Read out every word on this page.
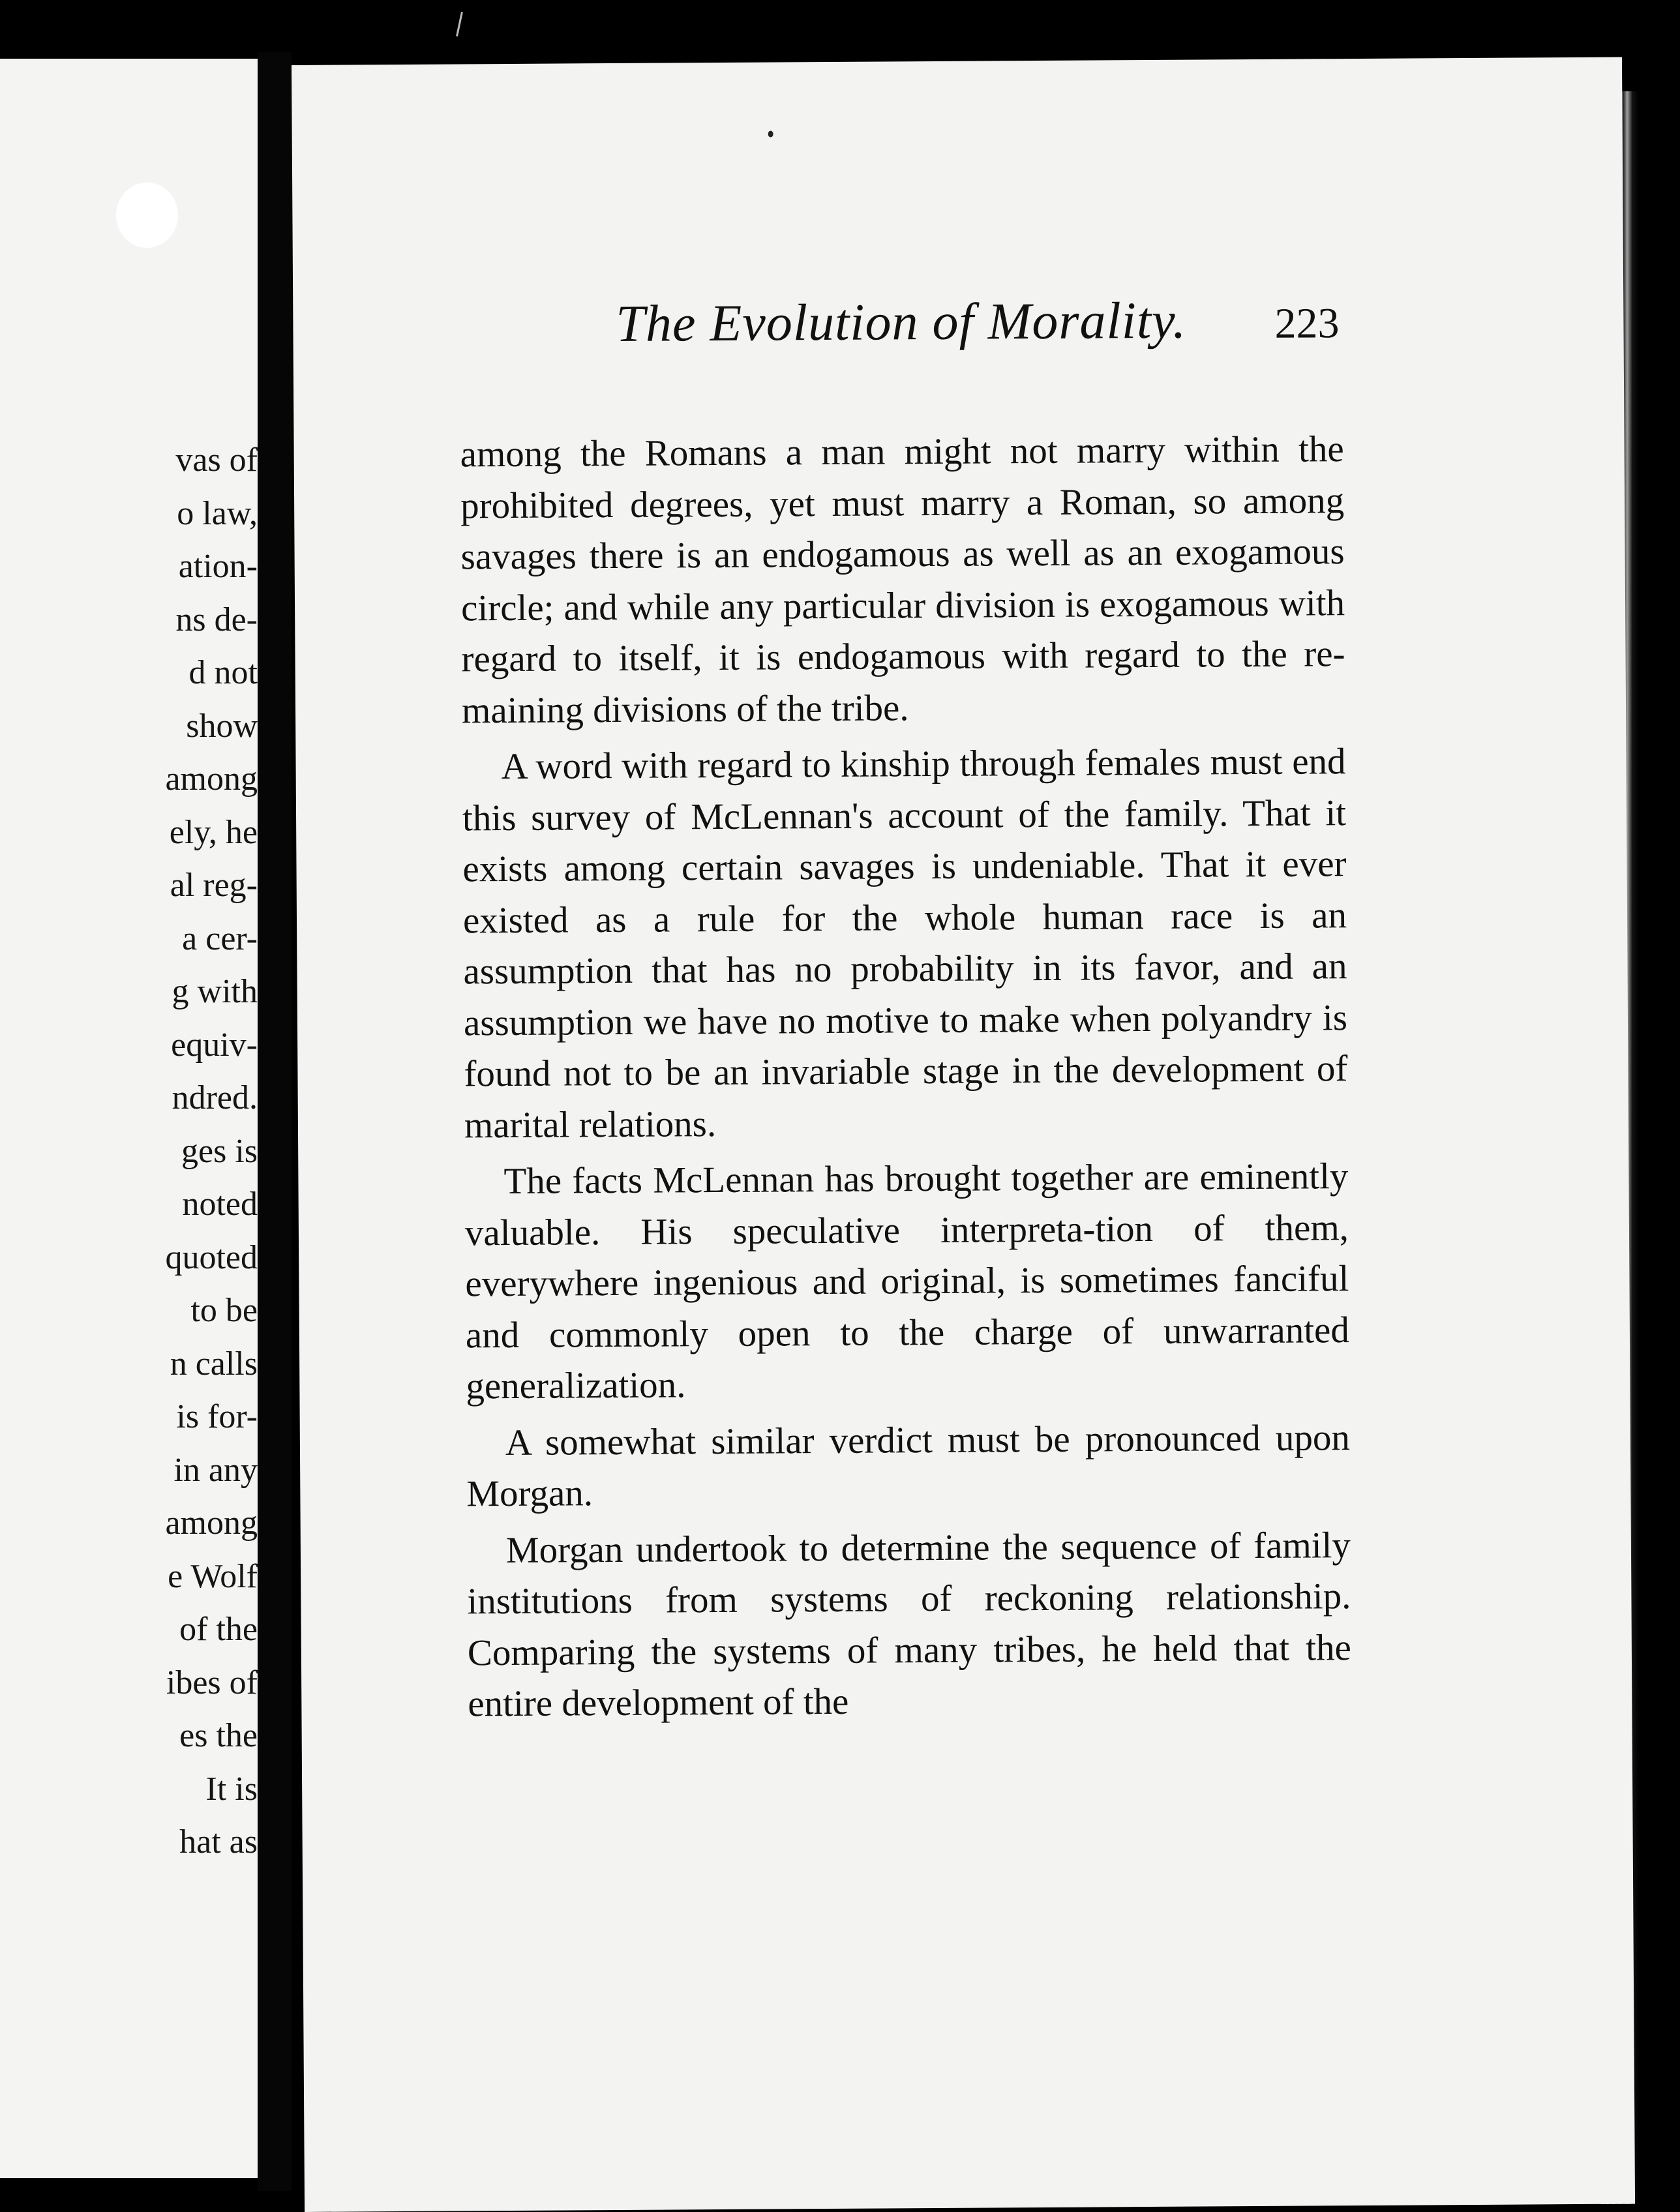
vas of
o law,
ation-
ns de-
d not
show
among
ely, he
al reg-
a cer-
g with
equiv-
ndred.
ges is
noted
quoted
to be
n calls
is for-
in any
among
e Wolf
of the
ibes of
es the
It is
hat as
The Evolution of Morality. 223

among the Romans a man might not marry within the prohibited degrees, yet must marry a Roman, so among savages there is an endogamous as well as an exogamous circle; and while any particular division is exogamous with regard to itself, it is endogamous with regard to the re-maining divisions of the tribe.

A word with regard to kinship through females must end this survey of McLennan's account of the family. That it exists among certain savages is undeniable. That it ever existed as a rule for the whole human race is an assumption that has no probability in its favor, and an assumption we have no motive to make when polyandry is found not to be an invariable stage in the development of marital relations.

The facts McLennan has brought together are eminently valuable. His speculative interpreta-tion of them, everywhere ingenious and original, is sometimes fanciful and commonly open to the charge of unwarranted generalization.

A somewhat similar verdict must be pronounced upon Morgan.

Morgan undertook to determine the sequence of family institutions from systems of reckoning relationship. Comparing the systems of many tribes, he held that the entire development of the
